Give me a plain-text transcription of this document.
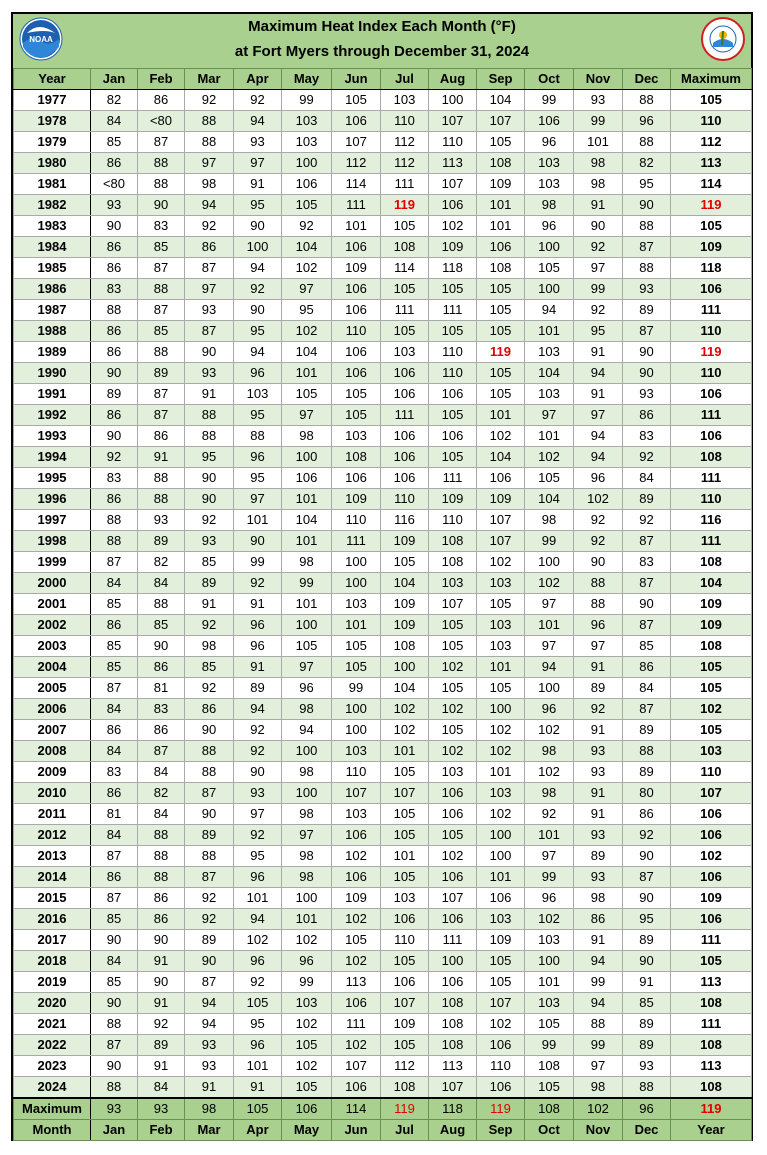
NOAA
Maximum Heat Index Each Month (°F)
at Fort Myers through December 31, 2024
Year	Jan	Feb	Mar	Apr	May	Jun	Jul	Aug	Sep	Oct	Nov	Dec	Maximum
1977	82	86	92	92	99	105	103	100	104	99	93	88	105
1978	84	<80	88	94	103	106	110	107	107	106	99	96	110
1979	85	87	88	93	103	107	112	110	105	96	101	88	112
1980	86	88	97	97	100	112	112	113	108	103	98	82	113
1981	<80	88	98	91	106	114	111	107	109	103	98	95	114
1982	93	90	94	95	105	111	119	106	101	98	91	90	119
1983	90	83	92	90	92	101	105	102	101	96	90	88	105
1984	86	85	86	100	104	106	108	109	106	100	92	87	109
1985	86	87	87	94	102	109	114	118	108	105	97	88	118
1986	83	88	97	92	97	106	105	105	105	100	99	93	106
1987	88	87	93	90	95	106	111	111	105	94	92	89	111
1988	86	85	87	95	102	110	105	105	105	101	95	87	110
1989	86	88	90	94	104	106	103	110	119	103	91	90	119
1990	90	89	93	96	101	106	106	110	105	104	94	90	110
1991	89	87	91	103	105	105	106	106	105	103	91	93	106
1992	86	87	88	95	97	105	111	105	101	97	97	86	111
1993	90	86	88	88	98	103	106	106	102	101	94	83	106
1994	92	91	95	96	100	108	106	105	104	102	94	92	108
1995	83	88	90	95	106	106	106	111	106	105	96	84	111
1996	86	88	90	97	101	109	110	109	109	104	102	89	110
1997	88	93	92	101	104	110	116	110	107	98	92	92	116
1998	88	89	93	90	101	111	109	108	107	99	92	87	111
1999	87	82	85	99	98	100	105	108	102	100	90	83	108
2000	84	84	89	92	99	100	104	103	103	102	88	87	104
2001	85	88	91	91	101	103	109	107	105	97	88	90	109
2002	86	85	92	96	100	101	109	105	103	101	96	87	109
2003	85	90	98	96	105	105	108	105	103	97	97	85	108
2004	85	86	85	91	97	105	100	102	101	94	91	86	105
2005	87	81	92	89	96	99	104	105	105	100	89	84	105
2006	84	83	86	94	98	100	102	102	100	96	92	87	102
2007	86	86	90	92	94	100	102	105	102	102	91	89	105
2008	84	87	88	92	100	103	101	102	102	98	93	88	103
2009	83	84	88	90	98	110	105	103	101	102	93	89	110
2010	86	82	87	93	100	107	107	106	103	98	91	80	107
2011	81	84	90	97	98	103	105	106	102	92	91	86	106
2012	84	88	89	92	97	106	105	105	100	101	93	92	106
2013	87	88	88	95	98	102	101	102	100	97	89	90	102
2014	86	88	87	96	98	106	105	106	101	99	93	87	106
2015	87	86	92	101	100	109	103	107	106	96	98	90	109
2016	85	86	92	94	101	102	106	106	103	102	86	95	106
2017	90	90	89	102	102	105	110	111	109	103	91	89	111
2018	84	91	90	96	96	102	105	100	105	100	94	90	105
2019	85	90	87	92	99	113	106	106	105	101	99	91	113
2020	90	91	94	105	103	106	107	108	107	103	94	85	108
2021	88	92	94	95	102	111	109	108	102	105	88	89	111
2022	87	89	93	96	105	102	105	108	106	99	99	89	108
2023	90	91	93	101	102	107	112	113	110	108	97	93	113
2024	88	84	91	91	105	106	108	107	106	105	98	88	108
Maximum	93	93	98	105	106	114	119	118	119	108	102	96	119
Month	Jan	Feb	Mar	Apr	May	Jun	Jul	Aug	Sep	Oct	Nov	Dec	Year
